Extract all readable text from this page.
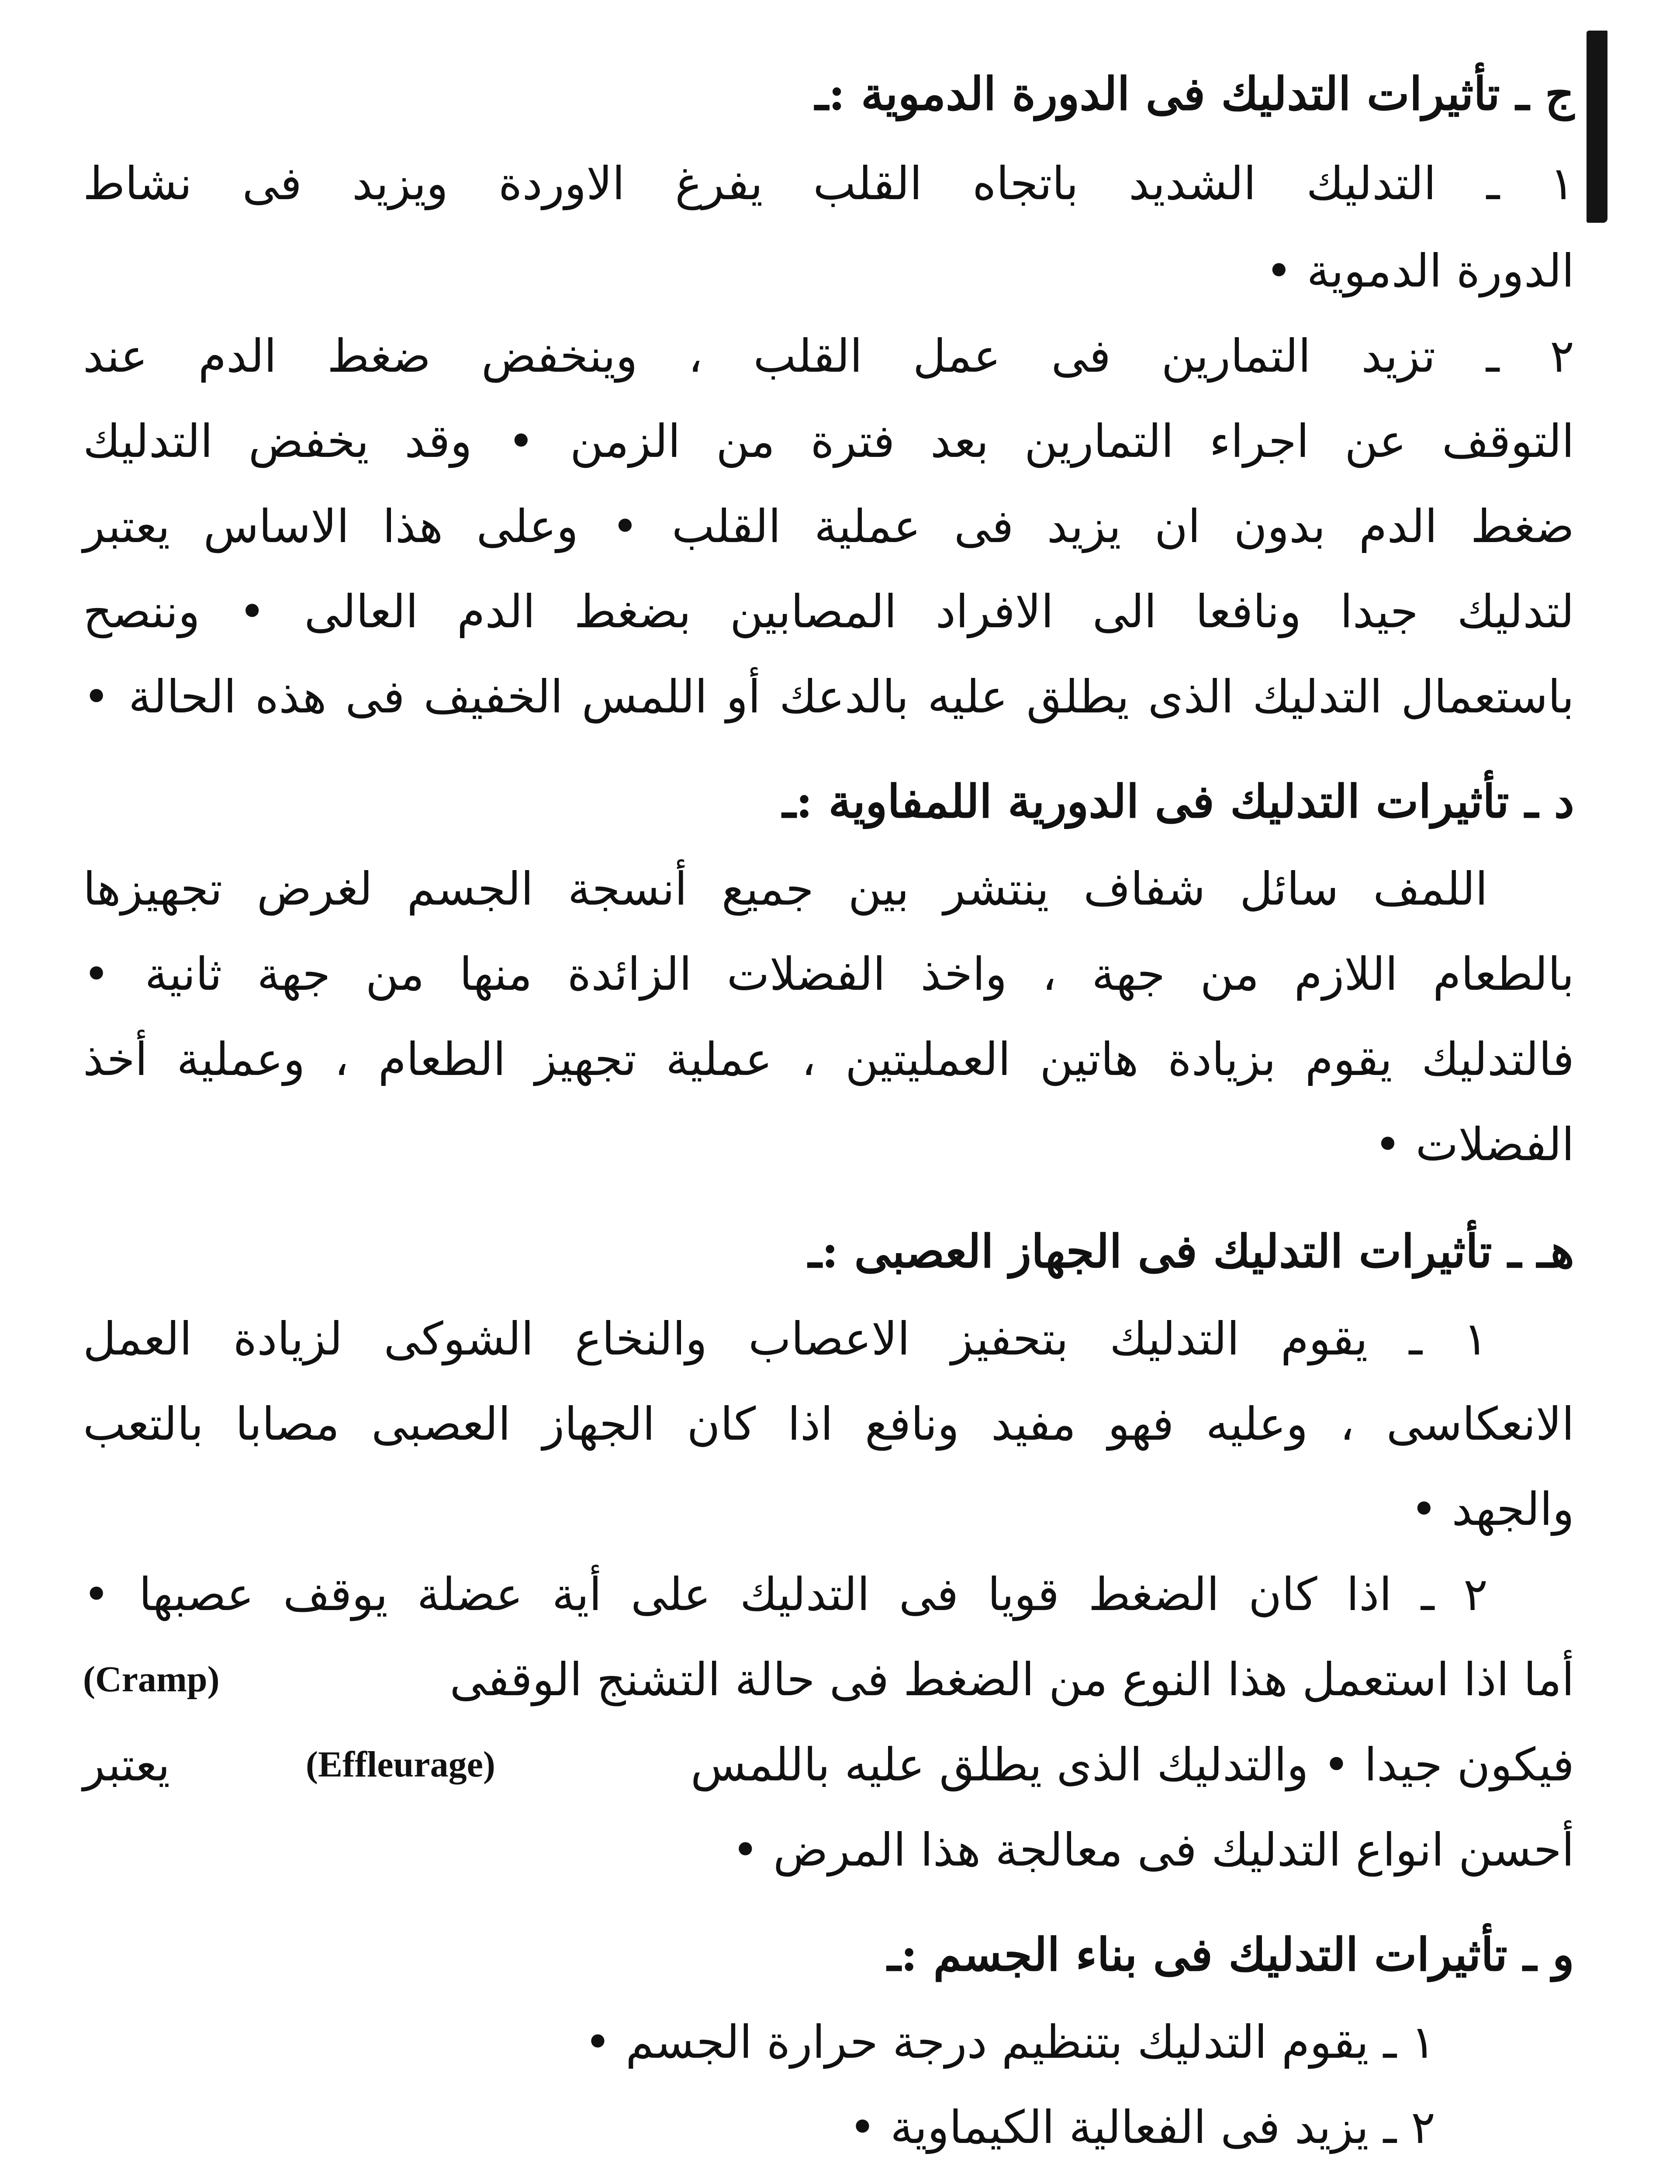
ج ـ تأثيرات التدليك فى الدورة الدموية :ـ
١ ـ التدليك الشديد باتجاه القلب يفرغ الاوردة ويزيد فى نشاط
الدورة الدموية •
٢ ـ تزيد التمارين فى عمل القلب ، وينخفض ضغط الدم عند
التوقف عن اجراء التمارين بعد فترة من الزمن • وقد يخفض التدليك
ضغط الدم بدون ان يزيد فى عملية القلب • وعلى هذا الاساس يعتبر
لتدليك جيدا ونافعا الى الافراد المصابين بضغط الدم العالى • وننصح
باستعمال التدليك الذى يطلق عليه بالدعك أو اللمس الخفيف فى هذه الحالة •
د ـ تأثيرات التدليك فى الدورية اللمفاوية :ـ
اللمف سائل شفاف ينتشر بين جميع أنسجة الجسم لغرض تجهيزها
بالطعام اللازم من جهة ، واخذ الفضلات الزائدة منها من جهة ثانية •
فالتدليك يقوم بزيادة هاتين العمليتين ، عملية تجهيز الطعام ، وعملية أخذ
الفضلات •
هـ ـ تأثيرات التدليك فى الجهاز العصبى :ـ
١ ـ يقوم التدليك بتحفيز الاعصاب والنخاع الشوكى لزيادة العمل
الانعكاسى ، وعليه فهو مفيد ونافع اذا كان الجهاز العصبى مصابا بالتعب
والجهد •
٢ ـ اذا كان الضغط قويا فى التدليك على أية عضلة يوقف عصبها •
أما اذا استعمل هذا النوع من الضغط فى حالة التشنج الوقفى
(Cramp)
فيكون جيدا • والتدليك الذى يطلق عليه باللمس
(Effleurage)
يعتبر
أحسن انواع التدليك فى معالجة هذا المرض •
و ـ تأثيرات التدليك فى بناء الجسم :ـ
١ ـ يقوم التدليك بتنظيم درجة حرارة الجسم •
٢ ـ يزيد فى الفعالية الكيماوية •
